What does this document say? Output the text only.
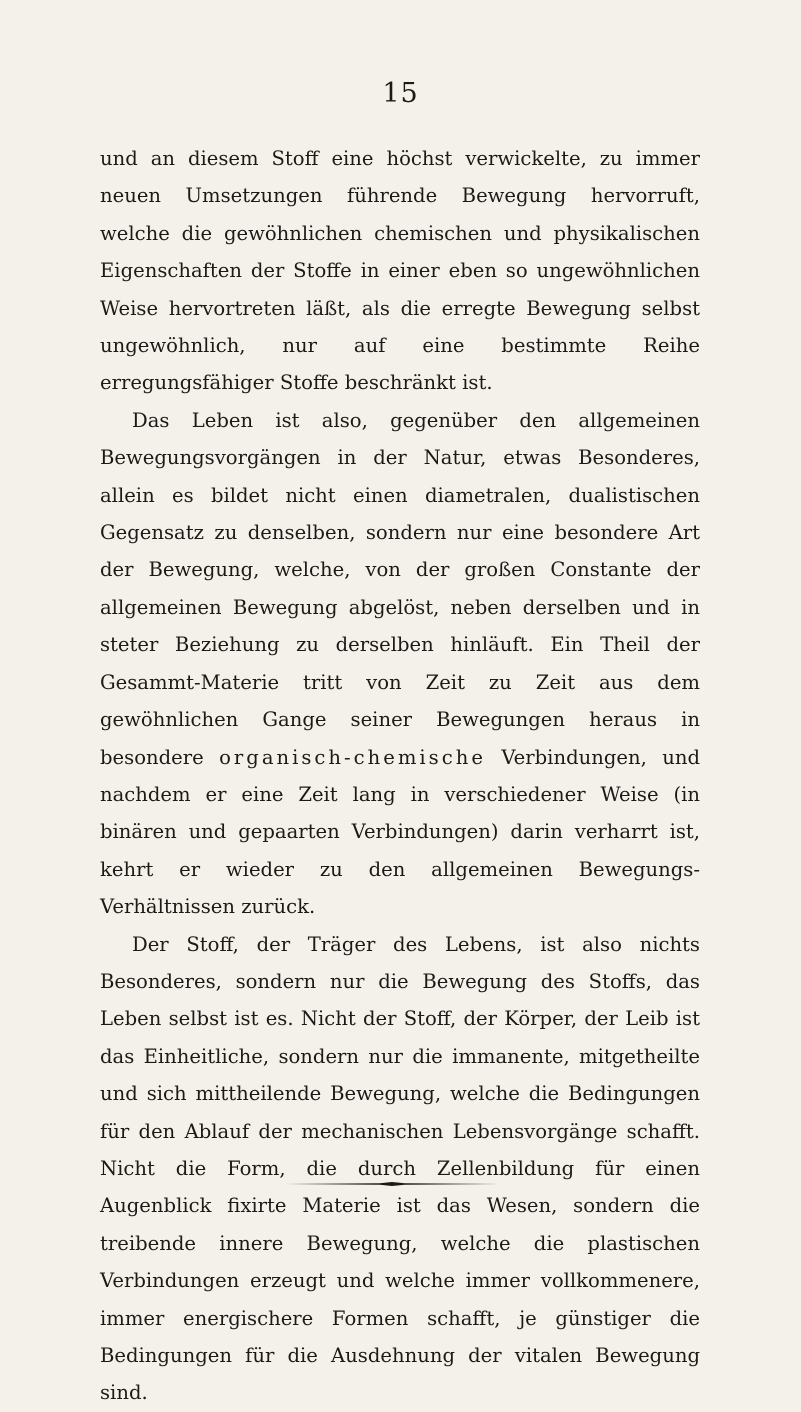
15

und an diesem Stoff eine höchst verwickelte, zu immer neuen Umsetzungen führende Bewegung hervorruft, welche die gewöhnlichen chemischen und physikalischen Eigenschaften der Stoffe in einer eben so ungewöhnlichen Weise hervortreten läßt, als die erregte Bewegung selbst ungewöhnlich, nur auf eine bestimmte Reihe erregungsfähiger Stoffe beschränkt ist.

Das Leben ist also, gegenüber den allgemeinen Bewegungsvorgängen in der Natur, etwas Besonderes, allein es bildet nicht einen diametralen, dualistischen Gegensatz zu denselben, sondern nur eine besondere Art der Bewegung, welche, von der großen Constante der allgemeinen Bewegung abgelöst, neben derselben und in steter Beziehung zu derselben hinläuft. Ein Theil der Gesammt-Materie tritt von Zeit zu Zeit aus dem gewöhnlichen Gange seiner Bewegungen heraus in besondere organisch-chemische Verbindungen, und nachdem er eine Zeit lang in verschiedener Weise (in binären und gepaarten Verbindungen) darin verharrt ist, kehrt er wieder zu den allgemeinen Bewegungs-Verhältnissen zurück.

Der Stoff, der Träger des Lebens, ist also nichts Besonderes, sondern nur die Bewegung des Stoffs, das Leben selbst ist es. Nicht der Stoff, der Körper, der Leib ist das Einheitliche, sondern nur die immanente, mitgetheilte und sich mittheilende Bewegung, welche die Bedingungen für den Ablauf der mechanischen Lebensvorgänge schafft. Nicht die Form, die durch Zellenbildung für einen Augenblick fixirte Materie ist das Wesen, sondern die treibende innere Bewegung, welche die plastischen Verbindungen erzeugt und welche immer vollkommenere, immer energischere Formen schafft, je günstiger die Bedingungen für die Ausdehnung der vitalen Bewegung sind.
